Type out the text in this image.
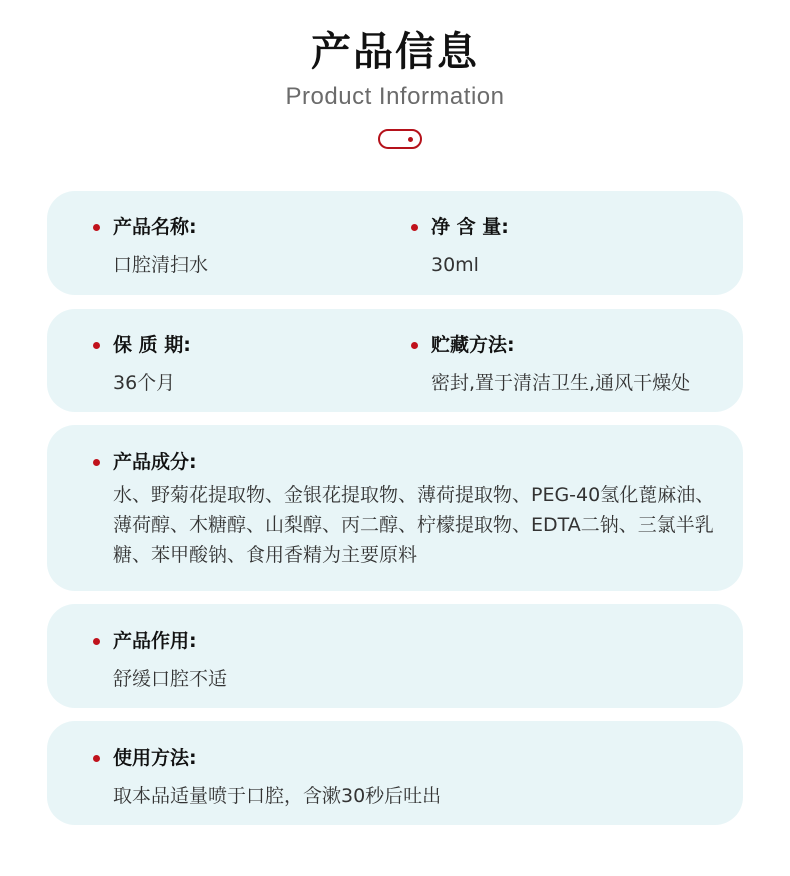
产品信息
Product Information
产品名称:
口腔清扫水
净 含 量:
30ml
保 质 期:
36个月
贮藏方法:
密封,置于清洁卫生,通风干燥处
产品成分:
水、野菊花提取物、金银花提取物、薄荷提取物、PEG-40氢化蓖麻油、薄荷醇、木糖醇、山梨醇、丙二醇、柠檬提取物、EDTA二钠、三氯半乳糖、苯甲酸钠、食用香精为主要原料
产品作用:
舒缓口腔不适
使用方法:
取本品适量喷于口腔，含漱30秒后吐出
